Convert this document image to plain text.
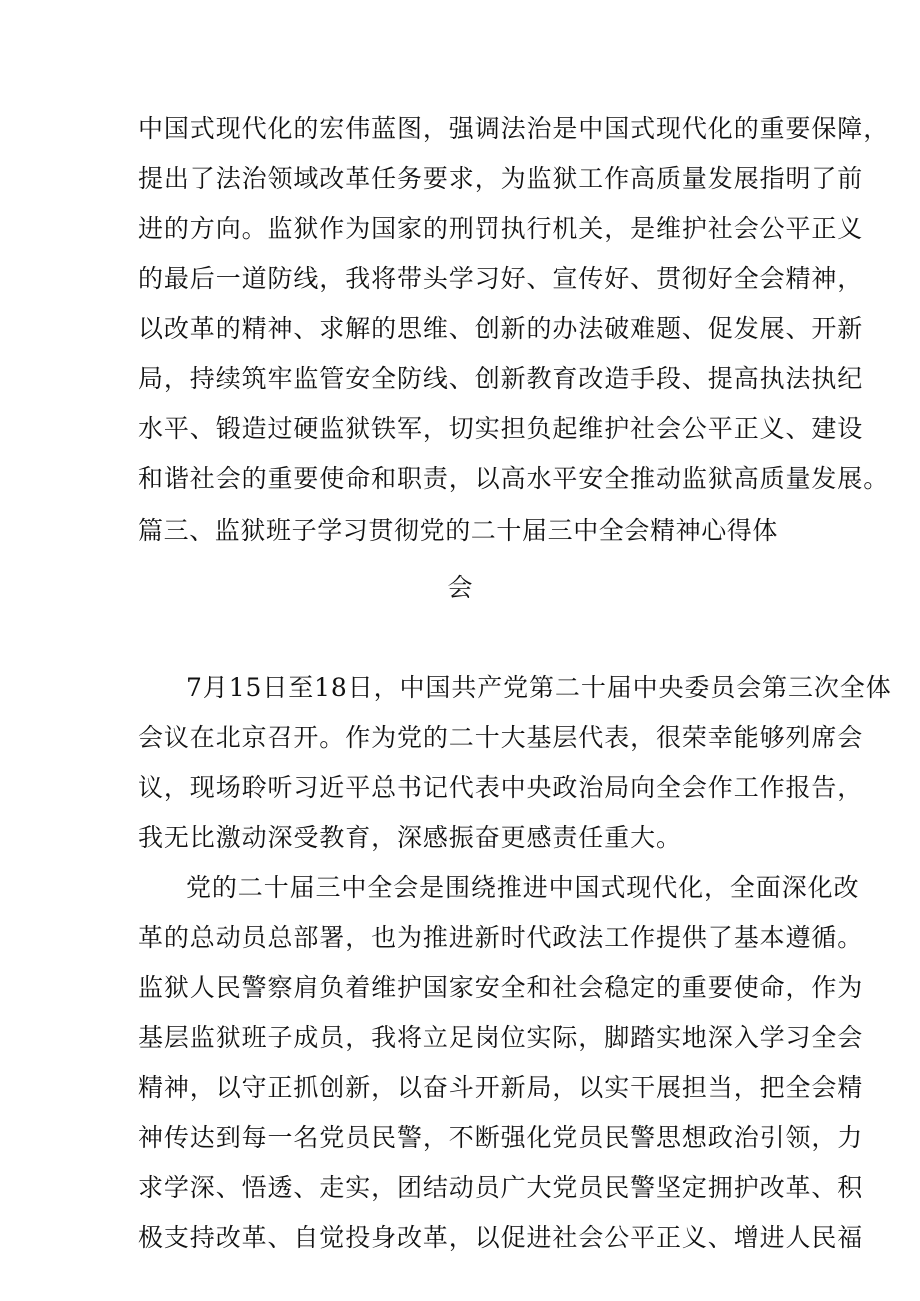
中国式现代化的宏伟蓝图，强调法治是中国式现代化的重要保障，
提出了法治领域改革任务要求，为监狱工作高质量发展指明了前
进的方向。监狱作为国家的刑罚执行机关，是维护社会公平正义
的最后一道防线，我将带头学习好、宣传好、贯彻好全会精神，
以改革的精神、求解的思维、创新的办法破难题、促发展、开新
局，持续筑牢监管安全防线、创新教育改造手段、提高执法执纪
水平、锻造过硬监狱铁军，切实担负起维护社会公平正义、建设
和谐社会的重要使命和职责，以高水平安全推动监狱高质量发展。
篇三、监狱班子学习贯彻党的二十届三中全会精神心得体
会
7月15日至18日，中国共产党第二十届中央委员会第三次全体
会议在北京召开。作为党的二十大基层代表，很荣幸能够列席会
议，现场聆听习近平总书记代表中央政治局向全会作工作报告，
我无比激动深受教育，深感振奋更感责任重大。
党的二十届三中全会是围绕推进中国式现代化，全面深化改
革的总动员总部署，也为推进新时代政法工作提供了基本遵循。
监狱人民警察肩负着维护国家安全和社会稳定的重要使命，作为
基层监狱班子成员，我将立足岗位实际，脚踏实地深入学习全会
精神，以守正抓创新，以奋斗开新局，以实干展担当，把全会精
神传达到每一名党员民警，不断强化党员民警思想政治引领，力
求学深、悟透、走实，团结动员广大党员民警坚定拥护改革、积
极支持改革、自觉投身改革，以促进社会公平正义、增进人民福
